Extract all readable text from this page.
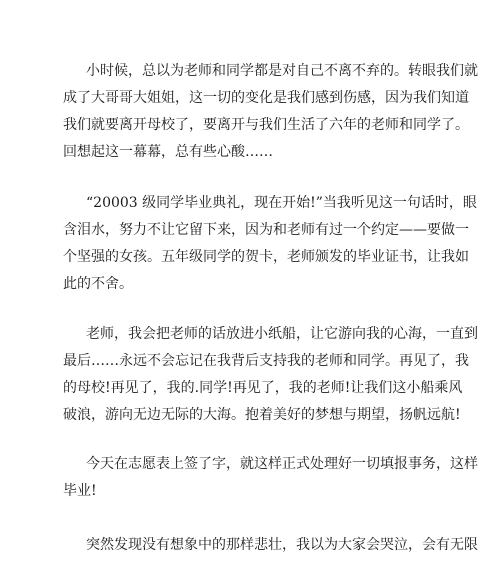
小时候，总以为老师和同学都是对自己不离不弃的。转眼我们就
成了大哥哥大姐姐，这一切的变化是我们感到伤感，因为我们知道
我们就要离开母校了，要离开与我们生活了六年的老师和同学了。
回想起这一幕幕，总有些心酸……
“20003 级同学毕业典礼，现在开始!”当我听见这一句话时，眼
含泪水，努力不让它留下来，因为和老师有过一个约定——要做一
个坚强的女孩。五年级同学的贺卡，老师颁发的毕业证书，让我如
此的不舍。
老师，我会把老师的话放进小纸船，让它游向我的心海，一直到
最后……永远不会忘记在我背后支持我的老师和同学。再见了，我
的母校!再见了，我的.同学!再见了，我的老师!让我们这小船乘风
破浪，游向无边无际的大海。抱着美好的梦想与期望，扬帆远航!
今天在志愿表上签了字，就这样正式处理好一切填报事务，这样
毕业!
突然发现没有想象中的那样悲壮，我以为大家会哭泣，会有无限
